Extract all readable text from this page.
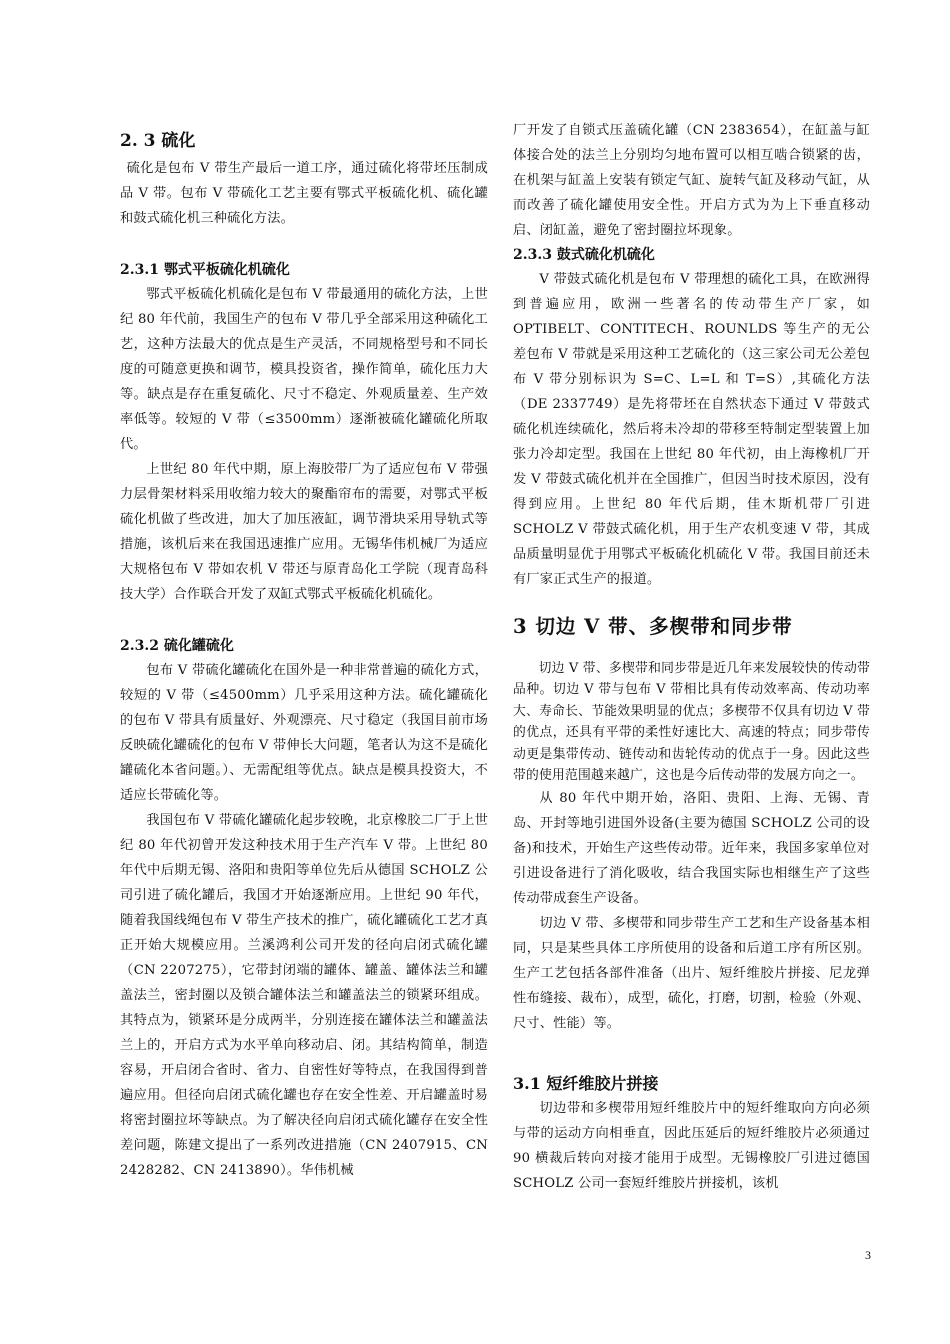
2. 3 硫化

硫化是包布 V 带生产最后一道工序，通过硫化将带坯压制成品 V 带。包布 V 带硫化工艺主要有鄂式平板硫化机、硫化罐和鼓式硫化机三种硫化方法。

2.3.1 鄂式平板硫化机硫化

鄂式平板硫化机硫化是包布 V 带最通用的硫化方法，上世纪 80 年代前，我国生产的包布 V 带几乎全部采用这种硫化工艺，这种方法最大的优点是生产灵活，不同规格型号和不同长度的可随意更换和调节，模具投资省，操作简单，硫化压力大等。缺点是存在重复硫化、尺寸不稳定、外观质量差、生产效率低等。较短的 V 带（≤3500mm）逐渐被硫化罐硫化所取代。

上世纪 80 年代中期，原上海胶带厂为了适应包布 V 带强力层骨架材料采用收缩力较大的聚酯帘布的需要，对鄂式平板硫化机做了些改进，加大了加压液缸，调节滑块采用导轨式等措施，该机后来在我国迅速推广应用。无锡华伟机械厂为适应大规格包布 V 带如农机 V 带还与原青岛化工学院（现青岛科技大学）合作联合开发了双缸式鄂式平板硫化机硫化。

2.3.2 硫化罐硫化

包布 V 带硫化罐硫化在国外是一种非常普遍的硫化方式，较短的 V 带（≤4500mm）几乎采用这种方法。硫化罐硫化的包布 V 带具有质量好、外观漂亮、尺寸稳定（我国目前市场反映硫化罐硫化的包布 V 带伸长大问题，笔者认为这不是硫化罐硫化本省问题。）、无需配组等优点。缺点是模具投资大，不适应长带硫化等。

我国包布 V 带硫化罐硫化起步较晚，北京橡胶二厂于上世纪 80 年代初曾开发这种技术用于生产汽车 V 带。上世纪 80 年代中后期无锡、洛阳和贵阳等单位先后从德国 SCHOLZ 公司引进了硫化罐后，我国才开始逐渐应用。上世纪 90 年代，随着我国线绳包布 V 带生产技术的推广，硫化罐硫化工艺才真正开始大规模应用。兰溪鸿利公司开发的径向启闭式硫化罐（CN 2207275），它带封闭端的罐体、罐盖、罐体法兰和罐盖法兰，密封圈以及锁合罐体法兰和罐盖法兰的锁紧环组成。其特点为，锁紧环是分成两半，分别连接在罐体法兰和罐盖法兰上的，开启方式为水平单向移动启、闭。其结构简单，制造容易，开启闭合省时、省力、自密性好等特点，在我国得到普遍应用。但径向启闭式硫化罐也存在安全性差、开启罐盖时易将密封圈拉坏等缺点。为了解决径向启闭式硫化罐存在安全性差问题，陈建文提出了一系列改进措施（CN 2407915、CN 2428282、CN 2413890）。华伟机械

厂开发了自锁式压盖硫化罐（CN 2383654），在缸盖与缸体接合处的法兰上分别均匀地布置可以相互啮合锁紧的齿，在机架与缸盖上安装有锁定气缸、旋转气缸及移动气缸，从而改善了硫化罐使用安全性。开启方式为为上下垂直移动启、闭缸盖，避免了密封圈拉坏现象。

2.3.3 鼓式硫化机硫化

V 带鼓式硫化机是包布 V 带理想的硫化工具，在欧洲得到普遍应用，欧洲一些著名的传动带生产厂家，如 OPTIBELT、CONTITECH、ROUNLDS 等生产的无公差包布 V 带就是采用这种工艺硫化的（这三家公司无公差包布 V 带分别标识为 S=C、L=L 和 T=S）,其硫化方法（DE 2337749）是先将带坯在自然状态下通过 V 带鼓式硫化机连续硫化，然后将未冷却的带移至特制定型装置上加张力冷却定型。我国在上世纪 80 年代初，由上海橡机厂开发 V 带鼓式硫化机并在全国推广，但因当时技术原因，没有得到应用。上世纪 80 年代后期，佳木斯机带厂引进 SCHOLZ V 带鼓式硫化机，用于生产农机变速 V 带，其成品质量明显优于用鄂式平板硫化机硫化 V 带。我国目前还未有厂家正式生产的报道。

3 切边 V 带、多楔带和同步带

切边 V 带、多楔带和同步带是近几年来发展较快的传动带品种。切边 V 带与包布 V 带相比具有传动效率高、传动功率大、寿命长、节能效果明显的优点；多楔带不仅具有切边 V 带的优点，还具有平带的柔性好速比大、高速的特点；同步带传动更是集带传动、链传动和齿轮传动的优点于一身。因此这些带的使用范围越来越广，这也是今后传动带的发展方向之一。

从 80 年代中期开始，洛阳、贵阳、上海、无锡、青岛、开封等地引进国外设备(主要为德国 SCHOLZ 公司的设备)和技术，开始生产这些传动带。近年来，我国多家单位对引进设备进行了消化吸收，结合我国实际也相继生产了这些传动带成套生产设备。

切边 V 带、多楔带和同步带生产工艺和生产设备基本相同，只是某些具体工序所使用的设备和后道工序有所区别。生产工艺包括各部件准备（出片、短纤维胶片拼接、尼龙弹性布缝接、裁布），成型，硫化，打磨，切割，检验（外观、尺寸、性能）等。

3.1 短纤维胶片拼接

切边带和多楔带用短纤维胶片中的短纤维取向方向必须与带的运动方向相垂直，因此压延后的短纤维胶片必须通过 90 横裁后转向对接才能用于成型。无锡橡胶厂引进过德国 SCHOLZ 公司一套短纤维胶片拼接机，该机

3
